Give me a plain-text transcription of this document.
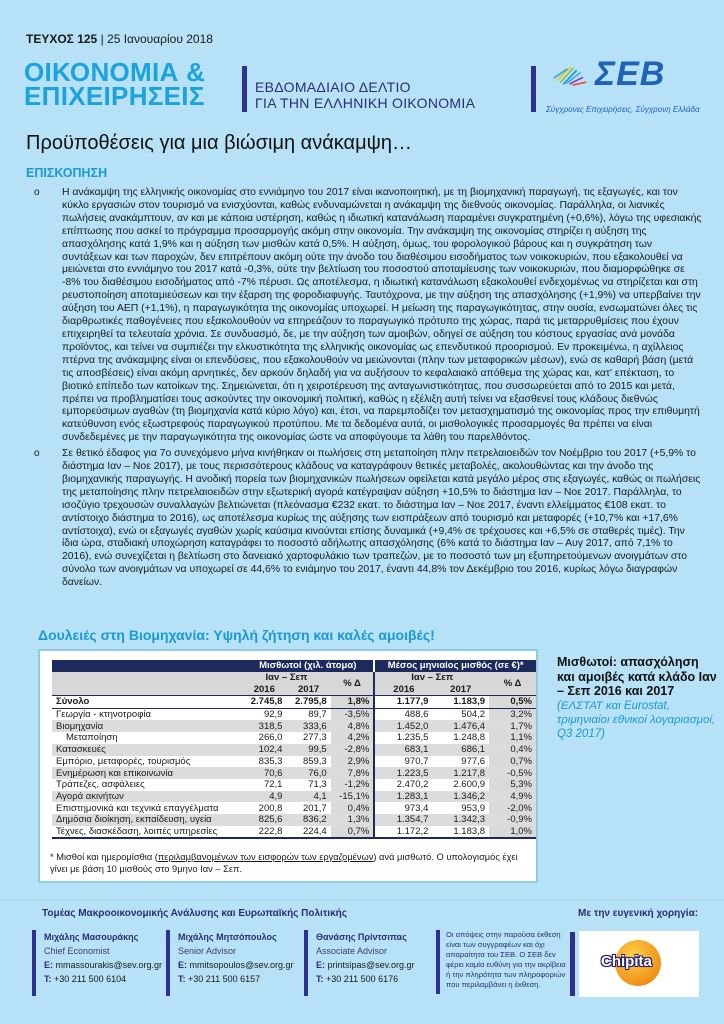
ΤΕΥΧΟΣ 125 | 25 Ιανουαρίου 2018
ΟΙΚΟΝΟΜΙΑ &
ΕΠΙΧΕΙΡΗΣΕΙΣ	ΕΒΔΟΜΑΔΙΑΙΟ ΔΕΛΤΙΟ
ΓΙΑ ΤΗΝ ΕΛΛΗΝΙΚΗ ΟΙΚΟΝΟΜΙΑ
ΣΕΒ
Σύγχρονες Επιχειρήσεις, Σύγχρονη Ελλάδα
Προϋποθέσεις για μια βιώσιμη ανάκαμψη…
ΕΠΙΣΚΟΠΗΣΗ
o Η ανάκαμψη της ελληνικής οικονομίας στο εννιάμηνο του 2017 είναι ικανοποιητική, με τη βιομηχανική παραγωγή, τις εξαγωγές, και τον κύκλο εργασιών στον τουρισμό να ενισχύονται, καθώς ενδυναμώνεται η ανάκαμψη της διεθνούς οικονομίας. Παράλληλα, οι λιανικές πωλήσεις ανακάμπτουν, αν και με κάποια υστέρηση, καθώς η ιδιωτική κατανάλωση παραμένει συγκρατημένη (+0,6%), λόγω της υφεσιακής επίπτωσης που ασκεί το πρόγραμμα προσαρμογής ακόμη στην οικονομία. Την ανάκαμψη της οικονομίας στηρίζει η αύξηση της απασχόλησης κατά 1,9% και η αύξηση των μισθών κατά 0,5%. Η αύξηση, όμως, του φορολογικού βάρους και η συγκράτηση των συντάξεων και των παροχών, δεν επιτρέπουν ακόμη ούτε την άνοδο του διαθέσιμου εισοδήματος των νοικοκυριών, που εξακολουθεί να μειώνεται στο εννιάμηνο του 2017 κατά -0,3%, ούτε την βελτίωση του ποσοστού αποταμίευσης των νοικοκυριών, που διαμορφώθηκε σε -8% του διαθέσιμου εισοδήματος από -7% πέρυσι. Ως αποτέλεσμα, η ιδιωτική κατανάλωση εξακολουθεί ενδεχομένως να στηρίζεται και στη ρευστοποίηση αποταμιεύσεων και την έξαρση της φοροδιαφυγής. Ταυτόχρονα, με την αύξηση της απασχόλησης (+1,9%) να υπερβαίνει την αύξηση του ΑΕΠ (+1,1%), η παραγωγικότητα της οικονομίας υποχωρεί. Η μείωση της παραγωγικότητας, στην ουσία, ενσωματώνει όλες τις διαρθρωτικές παθογένειες που εξακολουθούν να επηρεάζουν το παραγωγικό πρότυπο της χώρας, παρά τις μεταρρυθμίσεις που έχουν επιχειρηθεί τα τελευταία χρόνια. Σε συνδυασμό, δε, με την αύξηση των αμοιβών, οδηγεί σε αύξηση του κόστους εργασίας ανά μονάδα προϊόντος, και τείνει να συμπιέζει την ελκυστικότητα της ελληνικής οικονομίας ως επενδυτικού προορισμού. Εν προκειμένω, η αχίλλειος πτέρνα της ανάκαμψης είναι οι επενδύσεις, που εξακολουθούν να μειώνονται (πλην των μεταφορικών μέσων), ενώ σε καθαρή βάση (μετά τις αποσβέσεις) είναι ακόμη αρνητικές, δεν αρκούν δηλαδή για να αυξήσουν το κεφαλαιακό απόθεμα της χώρας και, κατ' επέκταση, το βιοτικό επίπεδο των κατοίκων της. Σημειώνεται, ότι η χειροτέρευση της ανταγωνιστικότητας, που συσσωρεύεται από το 2015 και μετά, πρέπει να προβληματίσει τους ασκούντες την οικονομική πολιτική, καθώς η εξέλιξη αυτή τείνει να εξασθενεί τους κλάδους διεθνώς εμπορεύσιμων αγαθών (τη βιομηχανία κατά κύριο λόγο) και, έτσι, να παρεμποδίζει τον μετασχηματισμό της οικονομίας προς την επιθυμητή κατεύθυνση ενός εξωστρεφούς παραγωγικού προτύπου. Με τα δεδομένα αυτά, οι μισθολογικές προσαρμογές θα πρέπει να είναι συνδεδεμένες με την παραγωγικότητα της οικονομίας ώστε να αποφύγουμε τα λάθη του παρελθόντος.
o Σε θετικό έδαφος για 7ο συνεχόμενο μήνα κινήθηκαν οι πωλήσεις στη μεταποίηση πλην πετρελαιοειδών τον Νοέμβριο του 2017 (+5,9% το διάστημα Ιαν – Νοε 2017), με τους περισσότερους κλάδους να καταγράφουν θετικές μεταβολές, ακολουθώντας και την άνοδο της βιομηχανικής παραγωγής. Η ανοδική πορεία των βιομηχανικών πωλήσεων οφείλεται κατά μεγάλο μέρος στις εξαγωγές, καθώς οι πωλήσεις της μεταποίησης πλην πετρελαιοειδών στην εξωτερική αγορά κατέγραψαν αύξηση +10,5% το διάστημα Ιαν – Νοε 2017. Παράλληλα, το ισοζύγιο τρεχουσών συναλλαγών βελτιώνεται (πλεόνασμα €232 εκατ. το διάστημα Ιαν – Νοε 2017, έναντι ελλείμματος €108 εκατ. το αντίστοιχο διάστημα το 2016), ως αποτέλεσμα κυρίως της αύξησης των εισπράξεων από τουρισμό και μεταφορές (+10,7% και +17,6% αντίστοιχα), ενώ οι εξαγωγές αγαθών χωρίς καύσιμα κινούνται επίσης δυναμικά (+9,4% σε τρέχουσες και +6,5% σε σταθερές τιμές). Την ίδια ώρα, σταδιακή υποχώρηση καταγράφει το ποσοστό αδήλωτης απασχόλησης (6% κατά το διάστημα Ιαν – Αυγ 2017, από 7,1% το 2016), ενώ συνεχίζεται η βελτίωση στο δανειακό χαρτοφυλάκιο των τραπεζών, με το ποσοστό των μη εξυπηρετούμενων ανοιγμάτων στο σύνολο των ανοιγμάτων να υποχωρεί σε 44,6% το ενιάμηνο του 2017, έναντι 44,8% τον Δεκέμβριο του 2016, κυρίως λόγω διαγραφών δανείων.
Δουλειές στη Βιομηχανία: Υψηλή ζήτηση και καλές αμοιβές!
	Μισθωτοί (χιλ. άτομα)			Μέσος μηνιαίος μισθός (σε €)*		
	Ιαν – Σεπ		% Δ	Ιαν – Σεπ		% Δ
	2016	2017		2016	2017	
Σύνολο	2.745,8	2.795,8	1,8%	1.177,9	1.183,9	0,5%
Γεωργία - κτηνοτροφία	92,9	89,7	-3,5%	488,6	504,2	3,2%
Βιομηχανία	318,5	333,6	4,8%	1.452,0	1.476,4	1,7%
Μεταποίηση	266,0	277,3	4,2%	1.235,5	1.248,8	1,1%
Κατασκευές	102,4	99,5	-2,8%	683,1	686,1	0,4%
Εμπόριο, μεταφορές, τουρισμός	835,3	859,3	2,9%	970,7	977,6	0,7%
Ενημέρωση και επικοινωνία	70,6	76,0	7,8%	1.223,5	1.217,8	-0,5%
Τράπεζες, ασφάλειες	72,1	71,3	-1,2%	2.470,2	2.600,9	5,3%
Αγορά ακινήτων	4,9	4,1	-15,1%	1.283,1	1.346,2	4,9%
Επιστημονικά και τεχνικά επαγγέλματα	200,8	201,7	0,4%	973,4	953,9	-2,0%
Δημόσια διοίκηση, εκπαίδευση, υγεία	825,6	836,2	1,3%	1.354,7	1.342,3	-0,9%
Τέχνες, διασκέδαση, λοιπές υπηρεσίες	222,8	224,4	0,7%	1.172,2	1.183,8	1,0%
* Μισθοί και ημερομίσθια (περιλαμβανομένων των εισφορών των εργαζομένων) ανά μισθωτό. Ο υπολογισμός έχει γίνει με βάση 10 μισθούς στο 9μηνο Ιαν – Σεπ.
Μισθωτοί: απασχόληση και αμοιβές κατά κλάδο Ιαν – Σεπ 2016 και 2017
(ΕΛΣΤΑΤ και Eurostat, τριμηνιαίοι εθνικοί λογαριασμοί, Q3 2017)
Τομέας Μακροοικονομικής Ανάλυσης και Ευρωπαϊκής Πολιτικής
Μιχάλης Μασουράκης
Chief Economist
E: mmassourakis@sev.org.gr
T: +30 211 500 6104
Μιχάλης Μητσόπουλος
Senior Advisor
E: mmitsopoulos@sev.org.gr
T: +30 211 500 6157
Θανάσης Πρίντσιπας
Associate Advisor
E: printsipas@sev.org.gr
T: +30 211 500 6176
Οι απόψεις στην παρούσα έκθεση είναι των συγγραφέων και όχι απαραίτητα του ΣΕΒ. Ο ΣΕΒ δεν φέρει καμία ευθύνη για την ακρίβεια ή την πληρότητα των πληροφοριών που περιλαμβάνει η έκθεση.
Με την ευγενική χορηγία:
Chipita
